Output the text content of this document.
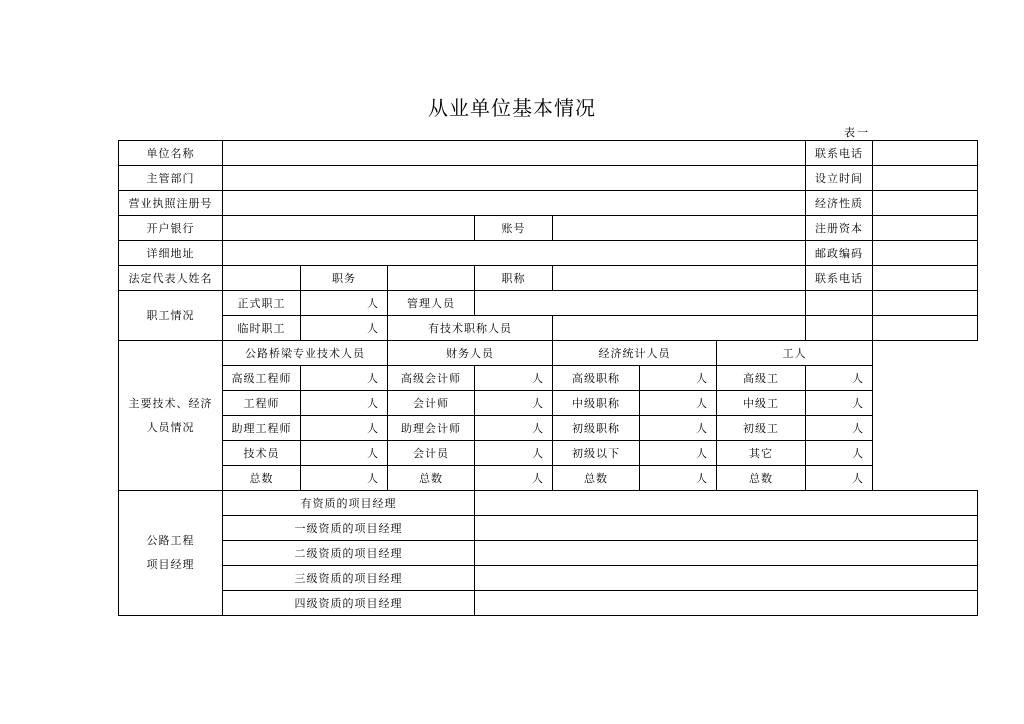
从业单位基本情况
表一
单位名称								联系电话	
主管部门								设立时间	
营业执照注册号								经济性质	
开户银行				账号				注册资本	
详细地址								邮政编码	
法定代表人姓名		职务		职称				联系电话	
职工情况	正式职工	人	管理人员						
	临时职工	人	有技术职称人员						

主要技术、经济
人员情况	公路桥梁专业技术人员		财务人员		经济统计人员		工人		
	高级工程师	人	高级会计师	人	高级职称	人	高级工	人	
	工程师	人	会计师	人	中级职称	人	中级工	人	
	助理工程师	人	助理会计师	人	初级职称	人	初级工	人	
	技术员	人	会计员	人	初级以下	人	其它	人	
	总数	人	总数	人	总数	人	总数	人	

公路工程
项目经理	有资质的项目经理								
	一级资质的项目经理								
	二级资质的项目经理								
	三级资质的项目经理								
	四级资质的项目经理								
